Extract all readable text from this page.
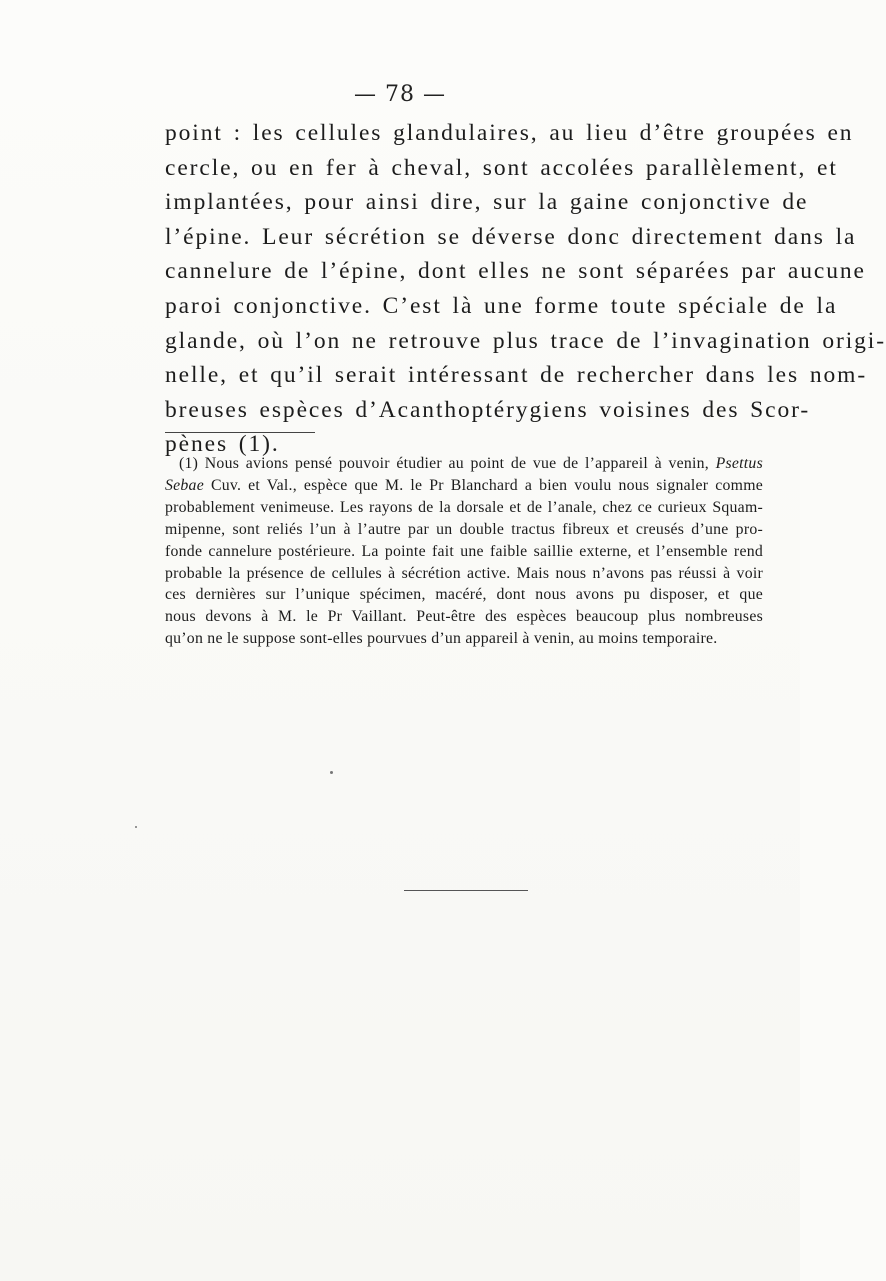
— 78 —
point : les cellules glandulaires, au lieu d’être groupées en
cercle, ou en fer à cheval, sont accolées parallèlement, et
implantées, pour ainsi dire, sur la gaine conjonctive de
l’épine. Leur sécrétion se déverse donc directement dans la
cannelure de l’épine, dont elles ne sont séparées par aucune
paroi conjonctive. C’est là une forme toute spéciale de la
glande, où l’on ne retrouve plus trace de l’invagination origi-
nelle, et qu’il serait intéressant de rechercher dans les nom-
breuses espèces d’Acanthoptérygiens voisines des Scor-
pènes (1).
(1) Nous avions pensé pouvoir étudier au point de vue de l’appareil à venin, Psettus
Sebae Cuv. et Val., espèce que M. le Pr Blanchard a bien voulu nous signaler comme
probablement venimeuse. Les rayons de la dorsale et de l’anale, chez ce curieux Squam-
mipenne, sont reliés l’un à l’autre par un double tractus fibreux et creusés d’une pro-
fonde cannelure postérieure. La pointe fait une faible saillie externe, et l’ensemble rend
probable la présence de cellules à sécrétion active. Mais nous n’avons pas réussi à voir
ces dernières sur l’unique spécimen, macéré, dont nous avons pu disposer, et que
nous devons à M. le Pr Vaillant. Peut-être des espèces beaucoup plus nombreuses
qu’on ne le suppose sont-elles pourvues d’un appareil à venin, au moins temporaire.
